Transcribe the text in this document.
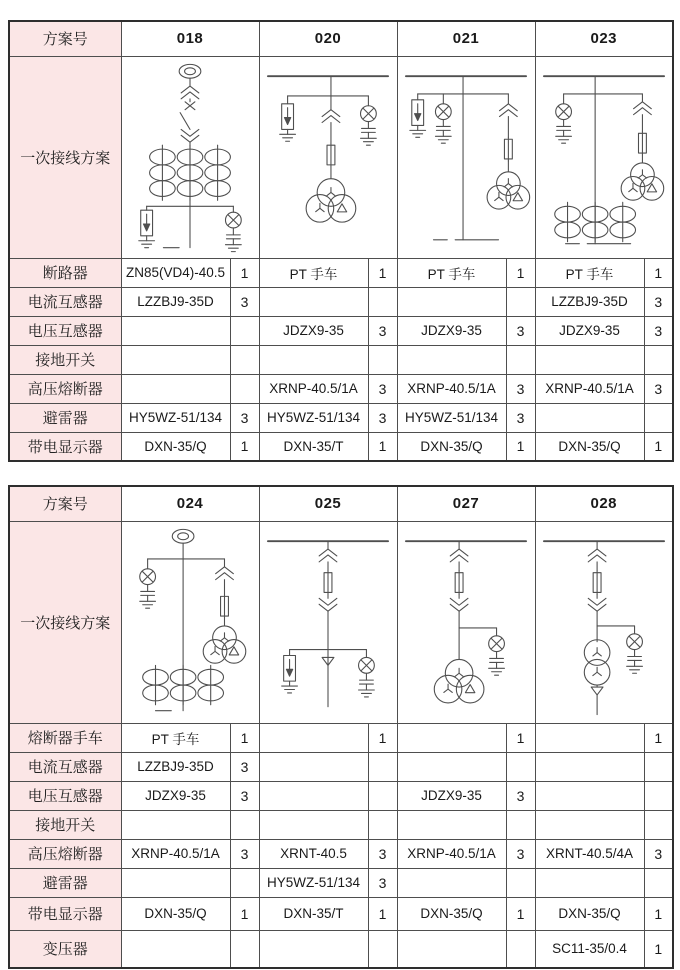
方案号	018		020		021		023	
一次接线方案	

断路器	ZN85(VD4)-40.5	1	PT 手车	1	PT 手车	1	PT 手车	1
电流互感器	LZZBJ9-35D	3					LZZBJ9-35D	3
电压互感器			JDZX9-35	3	JDZX9-35	3	JDZX9-35	3
接地开关								
高压熔断器			XRNP-40.5/1A	3	XRNP-40.5/1A	3	XRNP-40.5/1A	3
避雷器	HY5WZ-51/134	3	HY5WZ-51/134	3	HY5WZ-51/134	3		
带电显示器	DXN-35/Q	1	DXN-35/T	1	DXN-35/Q	1	DXN-35/Q	1
方案号	024		025		027		028	
一次接线方案	

熔断器手车	PT 手车	1		1		1		1
电流互感器	LZZBJ9-35D	3						
电压互感器	JDZX9-35	3			JDZX9-35	3		
接地开关								
高压熔断器	XRNP-40.5/1A	3	XRNT-40.5	3	XRNP-40.5/1A	3	XRNT-40.5/4A	3
避雷器			HY5WZ-51/134	3				
带电显示器	DXN-35/Q	1	DXN-35/T	1	DXN-35/Q	1	DXN-35/Q	1
变压器							SC11-35/0.4	1
